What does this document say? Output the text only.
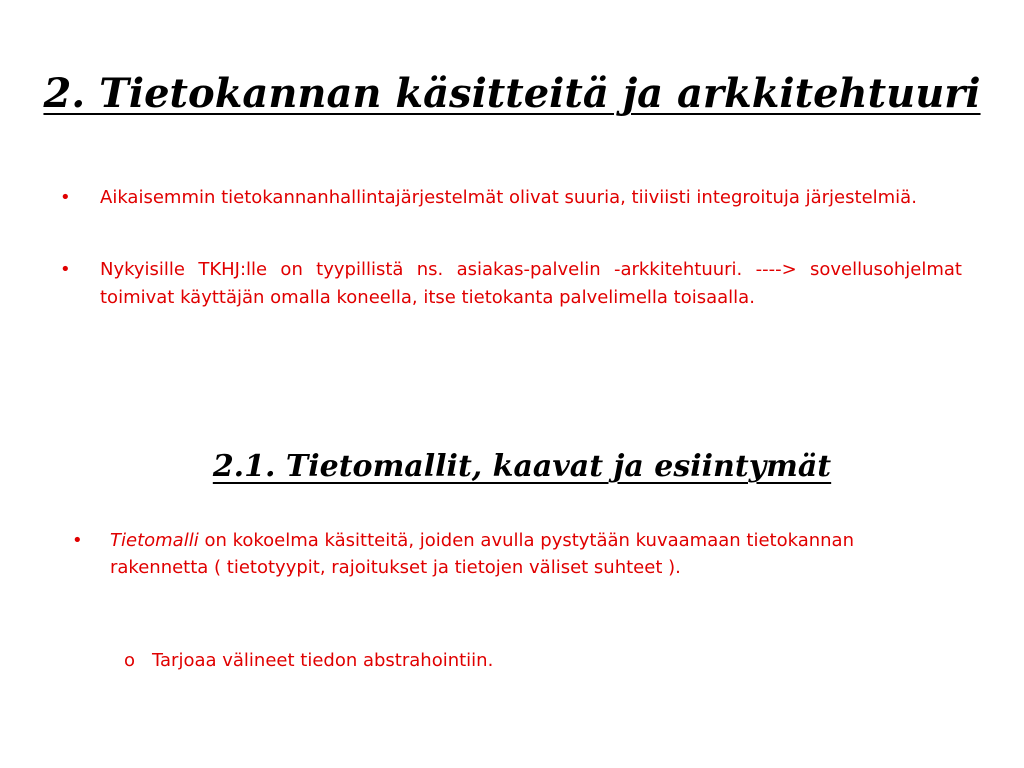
2. Tietokannan käsitteitä ja arkkitehtuuri
• Aikaisemmin tietokannanhallintajärjestelmät olivat suuria, tiiviisti integroituja järjestelmiä.
• Nykyisille TKHJ:lle on tyypillistä ns. asiakas-palvelin -arkkitehtuuri. ----> sovellusohjelmat toimivat käyttäjän omalla koneella, itse tietokanta palvelimella toisaalla.
2.1. Tietomallit, kaavat ja esiintymät
• Tietomalli on kokoelma käsitteitä, joiden avulla pystytään kuvaamaan tietokannan rakennetta ( tietotyypit, rajoitukset ja tietojen väliset suhteet ).
o Tarjoaa välineet tiedon abstrahointiin.
